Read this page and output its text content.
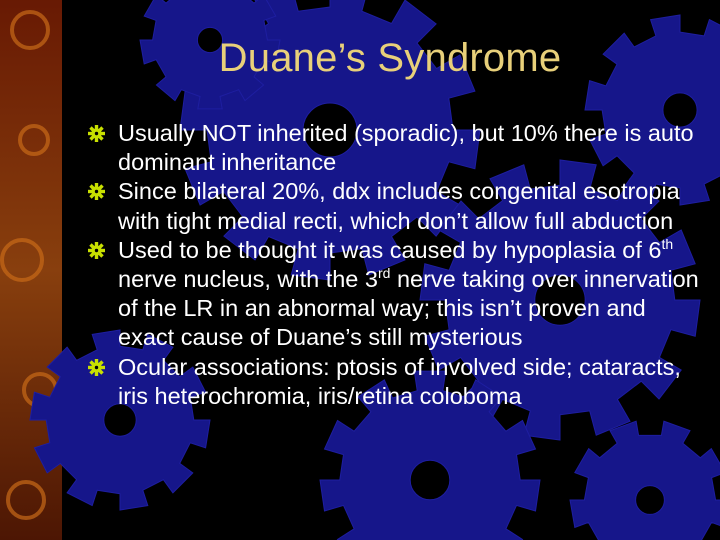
Duane’s Syndrome
Usually NOT inherited (sporadic), but 10% there is auto dominant inheritance
Since bilateral 20%, ddx includes congenital esotropia with tight medial recti, which don’t allow full abduction
Used to be thought it was caused by hypoplasia of 6th nerve nucleus, with the 3rd nerve taking over innervation of the LR in an abnormal way; this isn’t proven and exact cause of Duane’s still mysterious
Ocular associations: ptosis of involved side; cataracts, iris heterochromia, iris/retina coloboma
